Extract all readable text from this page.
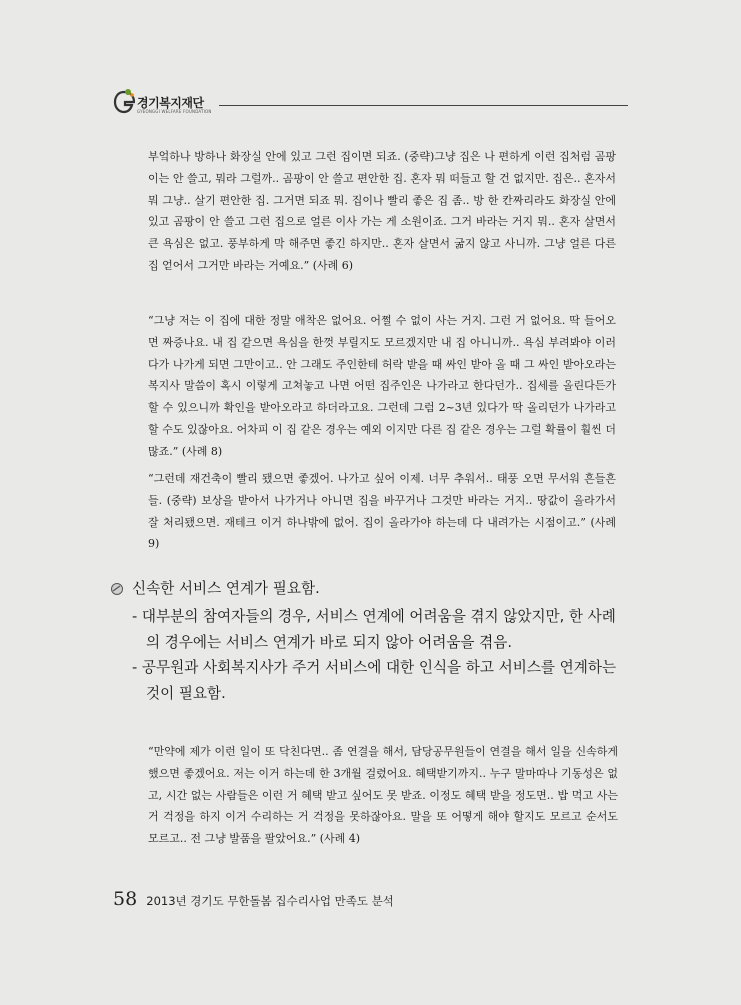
경기복지재단
GYEONGGI WELFARE FOUNDATION

부엌하나 방하나 화장실 안에 있고 그런 집이면 되죠. (중략)그냥 집은 나 편하게 이런 집처럼 곰팡이는 안 쓸고, 뭐라 그럴까.. 곰팡이 안 쓸고 편안한 집. 혼자 뭐 떠들고 할 건 없지만. 집은.. 혼자서 뭐 그냥.. 살기 편안한 집. 그거면 되죠 뭐. 집이나 빨리 좋은 집 좀.. 방 한 칸짜리라도 화장실 안에 있고 곰팡이 안 쓸고 그런 집으로 얼른 이사 가는 게 소원이죠. 그거 바라는 거지 뭐.. 혼자 살면서 큰 욕심은 없고. 풍부하게 막 해주면 좋긴 하지만.. 혼자 살면서 굶지 않고 사니까. 그냥 얼른 다른 집 얻어서 그거만 바라는 거예요.” (사례 6)

“그냥 저는 이 집에 대한 정말 애착은 없어요. 어쩔 수 없이 사는 거지. 그런 거 없어요. 딱 들어오면 짜증나요. 내 집 같으면 욕심을 한껏 부릴지도 모르겠지만 내 집 아니니까.. 욕심 부려봐야 이러다가 나가게 되면 그만이고.. 안 그래도 주인한테 허락 받을 때 싸인 받아 올 때 그 싸인 받아오라는 복지사 말씀이 혹시 이렇게 고쳐놓고 나면 어떤 집주인은 나가라고 한다던가.. 집세를 올린다든가 할 수 있으니까 확인을 받아오라고 하더라고요. 그런데 그럼 2~3년 있다가 딱 올리던가 나가라고 할 수도 있잖아요. 어차피 이 집 같은 경우는 예외 이지만 다른 집 같은 경우는 그럴 확률이 훨씬 더 많죠.” (사례 8)

“그런데 재건축이 빨리 됐으면 좋겠어. 나가고 싶어 이제. 너무 추워서.. 태풍 오면 무서워 흔들흔들. (중략) 보상을 받아서 나가거나 아니면 집을 바꾸거나 그것만 바라는 거지.. 땅값이 올라가서 잘 처리됐으면. 재테크 이거 하나밖에 없어. 집이 올라가야 하는데 다 내려가는 시점이고.” (사례 9)

신속한 서비스 연계가 필요함.
- 대부분의 참여자들의 경우, 서비스 연계에 어려움을 겪지 않았지만, 한 사례의 경우에는 서비스 연계가 바로 되지 않아 어려움을 겪음.
- 공무원과 사회복지사가 주거 서비스에 대한 인식을 하고 서비스를 연계하는 것이 필요함.

“만약에 제가 이런 일이 또 닥친다면.. 좀 연결을 해서, 담당공무원들이 연결을 해서 일을 신속하게 했으면 좋겠어요. 저는 이거 하는데 한 3개월 걸렸어요. 혜택받기까지.. 누구 말마따나 기동성은 없고, 시간 없는 사람들은 이런 거 혜택 받고 싶어도 못 받죠. 이정도 혜택 받을 정도면.. 밥 먹고 사는 거 걱정을 하지 이거 수리하는 거 걱정을 못하잖아요. 말을 또 어떻게 해야 할지도 모르고 순서도 모르고.. 전 그냥 발품을 팔았어요.” (사례 4)

58 2013년 경기도 무한돌봄 집수리사업 만족도 분석
